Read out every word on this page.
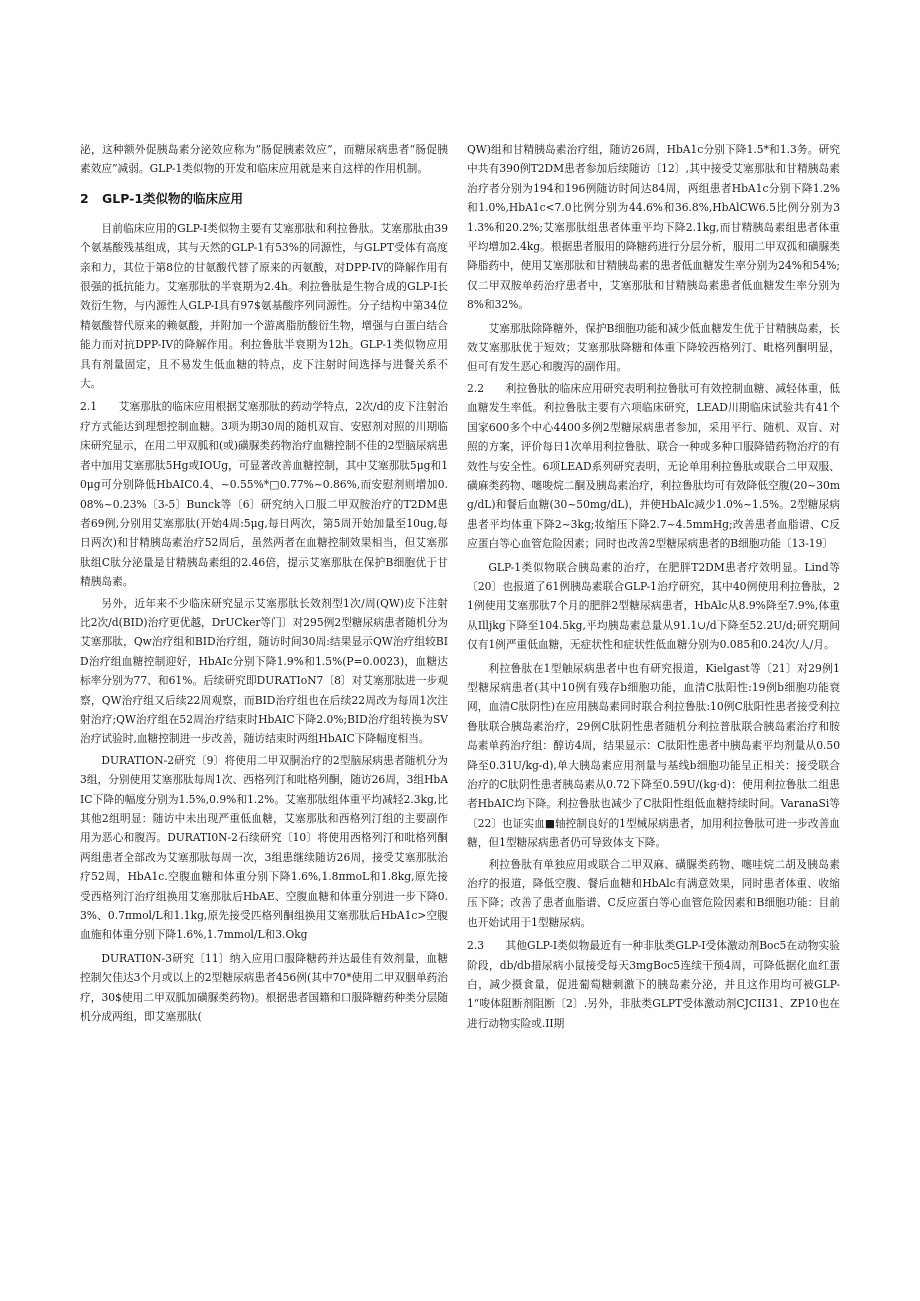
泌，这种额外促胰岛素分泌效应称为“肠促胰素效应”，而糖尿病患者“肠促胰素效应”减弱。GLP-1类似物的开发和临床应用就是来自这样的作用机制。

2 GLP-1类似物的临床应用

目前临床应用的GLP-I类似物主要有艾塞那肽和利拉鲁肽。艾塞那肽由39个氨基酸残基组成，其与天然的GLP-1有53%的同源性，与GLPT受体有高度亲和力，其位于第8位的甘氨酸代替了原来的丙氨酸，对DPP-IV的降解作用有很强的抵抗能力。艾塞那肽的半衰期为2.4h。利拉鲁肽是生物合成的GLP-I长效衍生物，与内源性人GLP-I具有97$氨基酸序列同源性。分子结构中第34位精氨酸替代原来的赖氨酸，并附加一个游离脂肪酸衍生物，增强与白蛋白结合能力而对抗DPP-IV的降解作用。利拉鲁肽半衰期为12h。GLP-1类似物应用具有剂量固定，且不易发生低血糖的特点，皮下注射时间选择与进餐关系不大。

2.1　　艾塞那肽的临床应用根据艾塞那肽的药动学特点，2次/d的皮下注射治疗方式能达到理想控制血糖。3项为期30周的随机双盲、安慰剂对照的川期临床研究显示，在用二甲双胍和(或)磺脲类药物治疗血糖控制不佳的2型脑尿病患者中加用艾塞那肽5Hg或IOUg，可显著改善血糖控制，其中艾塞那肽5μg和10μg可分别降低HbAIC0.4、~0.55%*□0.77%~0.86%,而安慰剂则增加0.08%~0.23%〔3-5〕Bunck等〔6〕研究纳入口服二甲双胺治疗的T2DM患者69例,分别用艾塞那肽(开始4周:5μg,每日两次，第5周开始加量至10ug,每日两次)和甘精胰岛素治疗52周后，虽然两者在血糖控制效果相当，但艾塞那肽组C肽分泌量是甘精胰岛素组的2.46倍，提示艾塞那肽在保护B细胞优于甘精胰岛素。

另外，近年来不少临床研究显示艾塞那肽长效剂型1次/周(QW)皮下注射比2次/d(BID)治疗更优越，DrUCker等门〕对295例2型糖尿病患者随机分为艾塞那肽，Qw治疗组和BID治疗组，随访时间30周:结果显示QW治疗组较BID治疗组血糖控制迎好，HbAIc分别下降1.9%和1.5%(P=0.0023)，血糖达标率分别为77、和61%。后续研究即DURATIoN7〔8〕对艾塞那肽进一步观察，QW治疗组又后续22周观察，而BID治疗组也在后续22周改为每周1次注射治疗;QW治疗组在52周治疗结束时HbAIC下降2.0%;BID治疗组转换为SV治疗试验时,血糖控制进一步改善，随访结束时两组HbAIC下降幅度相当。

DURATION-2研究〔9〕将使用二甲双胴治疗的2型脑尿病患者随机分为3组，分别使用艾塞那肽每周1次、西格列汀和吡格列酮，随访26周，3组HbAIC下降的幅度分别为1.5%,0.9%和1.2%。艾塞那肽组体重平均减轻2.3kg,比其他2组明显：随访中未出现严重低血糖，艾塞那肽和西格列汀组的主要副作用为恶心和腹泻。DURATI0N-2石续研究〔10〕将使用西格列汀和吡格列酮两组患者全部改为艾塞那肽每周一次，3组患继续随访26周，接受艾塞那肽治疗52周，HbA1c.空腹血糖和体重分别下降1.6%,1.8πmoL和1.8kg,原先接受西格列汀治疗组换用艾塞那肽后HbAE、空腹血糖和体重分别进一步下降0.3%、0.7πmol/L和1.1kg,原先接受匹格列酮组换用艾塞那肽后HbA1c>空腹血施和体重分别下降1.6%,1.7mmol/L和3.Okg

DURATI0N-3研究〔11〕纳入应用口服降糖药并达最佳有效剂量，血糖控制欠佳达3个月或以上的2型糖尿病患者456例(其中70*使用二甲双胭单药治疗，30$使用二甲双胍加磺脲类药物)。根据患者国籍和口服降糖药种类分层随机分成两组，即艾塞那肽(

QW)组和甘精胰岛素治疗组，随访26周，HbA1c分别下降1.5*和1.3务。研究中共有390例T2DM患者参加后续随访〔12〕,其中接受艾塞那肽和甘精胰岛素治疗者分别为194和196例随访时间达84周，两组患者HbA1c分别下降1.2%和1.0%,HbA1c<7.0比例分别为44.6%和36.8%,HbAlCW6.5比例分别为31.3%和20.2%;艾塞那肽组患者体重平均下降2.1kg,而甘精胰岛素组患者体重平均增加2.4kg。根据患者服用的降糖药进行分层分析，服用二甲双孤和磺脲类降脂药中，使用艾塞那肽和甘精胰岛素的患者低血糖发生率分别为24%和54%;仅二甲双胺单药治疗患者中，艾塞那肽和甘精胰岛素患者低血糖发生率分别为8%和32%。

艾塞那肽除降糖外，保护B细胞功能和减少低血糖发生优于甘精胰岛素，长效艾塞那肽优于短效；艾塞那肽降糖和体重下降较西格列汀、毗格列酮明显，但可有发生恶心和腹泻的副作用。

2.2　　利拉鲁肽的临床应用研究表明利拉鲁肽可有效控制血糖、减轻体重，低血糖发生率低。利拉鲁肽主要有六项临床研究，LEAD川期临床试验共有41个国家600多个中心4400多例2型糖尿病患者参加，采用平行、随机、双盲、对照的方案，评价每日1次单用利拉鲁肽、联合一种或多种口服降错药物治疗的有效性与安全性。6项LEAD系列研究表明，无论单用利拉鲁肽或联合二甲双服、磺麻类药物、噻唆烷二酮及胰岛素治疗，利拉鲁肽均可有效降低空腹(20~30mg/dL)和餐后血糖(30~50mg/dL)，并使HbAlc减少1.0%~1.5%。2型糖尿病患者平均体重下降2~3kg;妆缩压下降2.7~4.5mmHg;改善患者血脂谱、C反应蛋白等心血管危险因素；同时也改善2型糖尿病患者的B细胞功能〔13-19〕

GLP-1类似物联合胰岛素的治疗，在肥胖T2DM患者疗效明显。Lind等〔20〕也报道了61例胰岛素联合GLP-1治疗研究，其中40例使用利拉鲁肽，21例使用艾塞那肽7个月的肥胖2型糖尿病患者，HbAlc从8.9%降至7.9%,体重从Illjkg下降至104.5kg,平均胰岛素总量从91.1∪/d下降至52.2U/d;研究期间仅有1例严重低血糖，无症状性和症状性低血糖分别为0.085和0.24次/人/月。

利拉鲁肽在1型触尿病患者中也有研究报道，Kielgast等〔21〕对29例1型糖尿病患者(其中10例有残存b细胞功能，血清C肽阳性:19例b细胞功能衰网，血清C肽阴性)在应用胰岛素同时联合利拉鲁肽:10例C肽阳性患者接受利拉鲁肽联合胰岛素治疗，29例C肽阴性患者随机分利拉普肽联合胰岛素治疗和胺岛素单药治疗组：醇访4周，结果显示：C肽阳性患者中胰岛素平均剂量从0.50降至0.31U/kg-d),单大胰岛素应用剂量与基线b细胞功能呈正相关：接受联合治疗的C肽阴性患者胰岛素从0.72下降至0.59U/(kg·d)：使用利拉鲁肽二组患者HbAIC均下降。利拉鲁肽也减少了C肽阳性组低血糖持续时间。VaranaSi等〔22〕也证实血■轴控制良好的1型械尿病患者，加用利拉鲁肽可进一步改善血糖，但1型糖尿病患者仍可导致体支下降。

利拉鲁肽有单独应用或联合二甲双麻、磺脲类药物、噻哇烷二胡及胰岛素治疗的报道，降低空腹、餐后血糖和HbAlc有满意效果，同时患者体重、收缩压下降；改善了患者血脂谱、C反应蛋白等心血管危险因素和B细胞功能：目前也开始试用于1型糖尿病。

2.3　　其他GLP-I类似物最近有一种非肽类GLP-I受体激动剂Boc5在动物实验阶段，db/db措尿病小鼠接受每天3mgBoc5连续干预4周，可降低据化血红蛋白，减少摄食量，促进葡萄糖刺激下的胰岛素分泌，并且这作用均可被GLP-1“唆体阻断剂阻断〔2〕.另外，非肽类GLPT受体激动剂CJCII31、ZP10也在进行动物实险或.II期
